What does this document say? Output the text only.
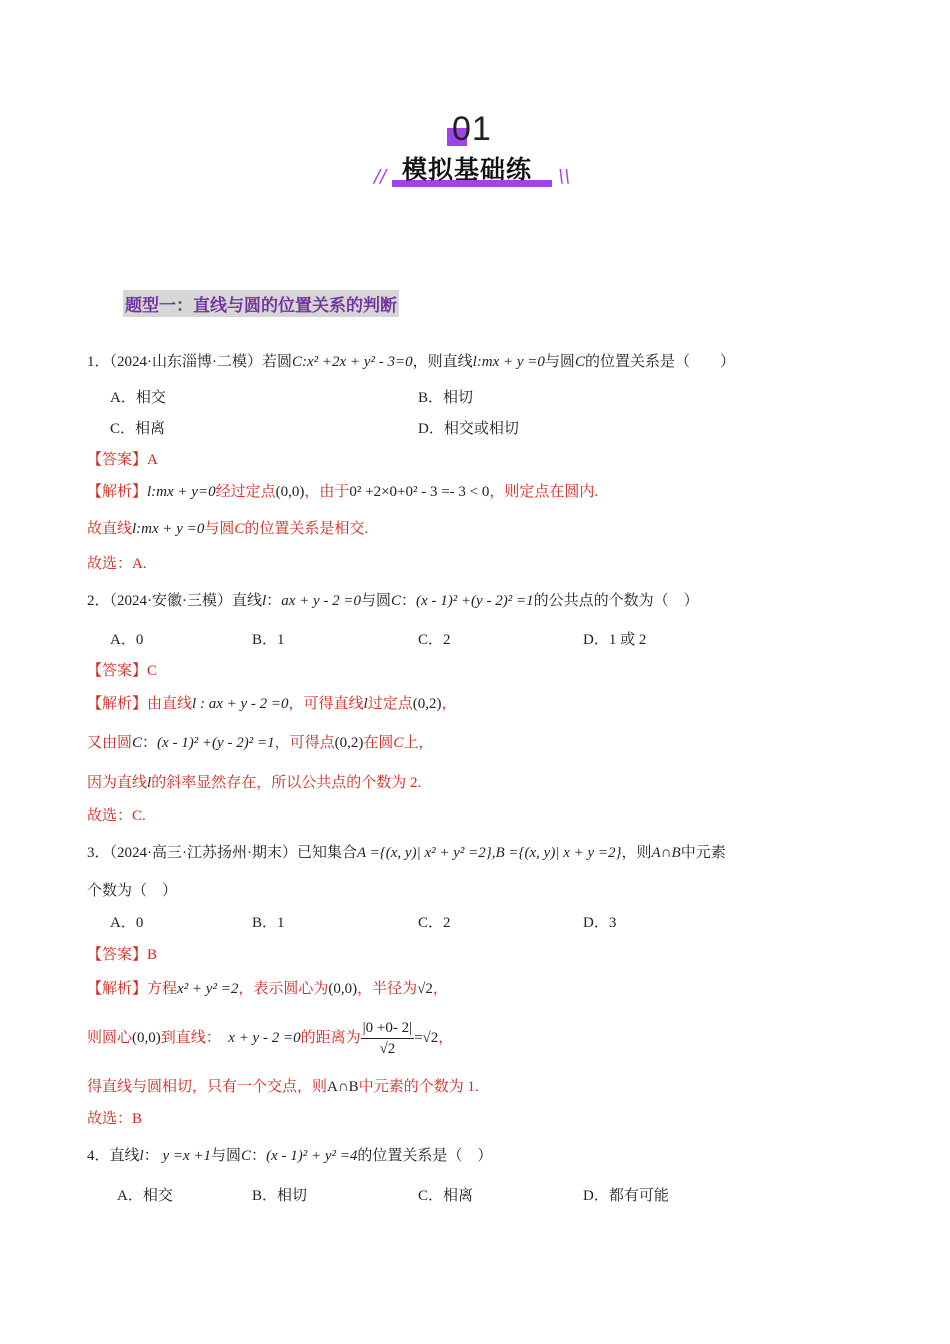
01
模拟基础练
//	\\
题型一：直线与圆的位置关系的判断
1．（2024·山东淄博·二模）若圆C:x² +2x + y² - 3=0，则直线l:mx + y =0与圆C的位置关系是（　　）
A．相交	B．相切
C．相离	D．相交或相切
【答案】A
【解析】l:mx + y=0经过定点(0,0)，由于0² +2×0+0² - 3 =- 3 < 0，则定点在圆内.
故直线l:mx + y =0与圆C的位置关系是相交.
故选：A.
2．（2024·安徽·三模）直线l：ax + y - 2 =0与圆C：(x - 1)² +(y - 2)² =1的公共点的个数为（　）
A．0	B．1	C．2	D．1 或 2
【答案】C
【解析】由直线l : ax + y - 2 =0，可得直线l过定点(0,2)，
又由圆C：(x - 1)² +(y - 2)² =1，可得点(0,2)在圆C上，
因为直线l的斜率显然存在，所以公共点的个数为 2.
故选：C.
3．（2024·高三·江苏扬州·期末）已知集合A ={(x, y)| x² + y² =2},B ={(x, y)| x + y =2}，则A∩B中元素
个数为（　）
A．0	B．1	C．2	D．3
【答案】B
【解析】方程x² + y² =2，表示圆心为(0,0)，半径为√2，
则圆心(0,0)到直线： x + y - 2 =0的距离为 $\frac{|0 +0- 2|}{√2} =√2$，
得直线与圆相切，只有一个交点，则A∩B中元素的个数为 1.
故选：B
4．直线l： y =x +1与圆C：(x - 1)² + y² =4的位置关系是（　）
A．相交	B．相切	C．相离	D．都有可能
